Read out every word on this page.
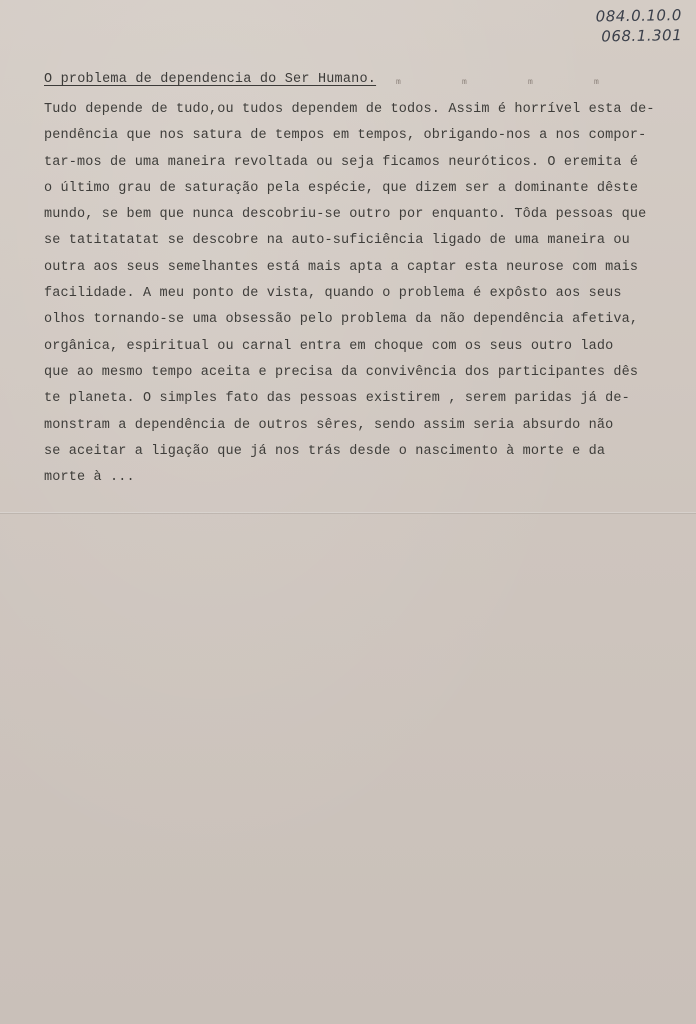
084.0.10.0
068.1.301
O problema de dependencia do Ser Humano. m	m	m	m
Tudo depende de tudo,ou tudos dependem de todos. Assim é horrível esta de-
pendência que nos satura de tempos em tempos, obrigando-nos a nos compor-
tar-mos de uma maneira revoltada ou seja ficamos neuróticos. O eremita é
o último grau de saturação pela espécie, que dizem ser a dominante dêste
mundo, se bem que nunca descobriu-se outro por enquanto. Tôda pessoas que
se tatitatatat se descobre na auto-suficiência ligado de uma maneira ou
outra aos seus semelhantes está mais apta a captar esta neurose com mais
facilidade. A meu ponto de vista, quando o problema é expôsto aos seus
olhos tornando-se uma obsessão pelo problema da não dependência afetiva,
orgânica, espiritual ou carnal entra em choque com os seus outro lado
que ao mesmo tempo aceita e precisa da convivência dos participantes dês
te planeta. O simples fato das pessoas existirem , serem paridas já de-
monstram a dependência de outros sêres, sendo assim seria absurdo não
se aceitar a ligação que já nos trás desde o nascimento à morte e da
morte à ...
